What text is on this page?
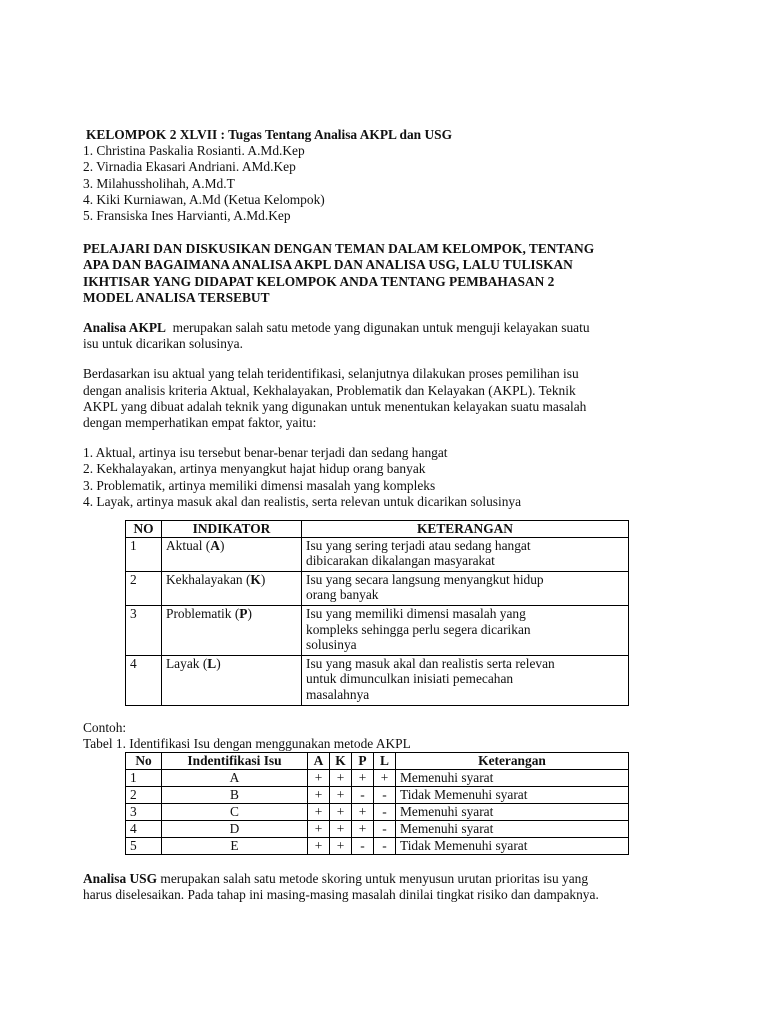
KELOMPOK 2 XLVII : Tugas Tentang Analisa AKPL dan USG
1. Christina Paskalia Rosianti. A.Md.Kep
2. Virnadia Ekasari Andriani. AMd.Kep
3. Milahussholihah, A.Md.T
4. Kiki Kurniawan, A.Md (Ketua Kelompok)
5. Fransiska Ines Harvianti, A.Md.Kep
PELAJARI DAN DISKUSIKAN DENGAN TEMAN DALAM KELOMPOK, TENTANG
APA DAN BAGAIMANA ANALISA AKPL DAN ANALISA USG, LALU TULISKAN
IKHTISAR YANG DIDAPAT KELOMPOK ANDA TENTANG PEMBAHASAN 2
MODEL ANALISA TERSEBUT
Analisa AKPL merupakan salah satu metode yang digunakan untuk menguji kelayakan suatu
isu untuk dicarikan solusinya.
Berdasarkan isu aktual yang telah teridentifikasi, selanjutnya dilakukan proses pemilihan isu
dengan analisis kriteria Aktual, Kekhalayakan, Problematik dan Kelayakan (AKPL). Teknik
AKPL yang dibuat adalah teknik yang digunakan untuk menentukan kelayakan suatu masalah
dengan memperhatikan empat faktor, yaitu:
1. Aktual, artinya isu tersebut benar-benar terjadi dan sedang hangat
2. Kekhalayakan, artinya menyangkut hajat hidup orang banyak
3. Problematik, artinya memiliki dimensi masalah yang kompleks
4. Layak, artinya masuk akal dan realistis, serta relevan untuk dicarikan solusinya
NO	INDIKATOR	KETERANGAN
1	Aktual (A)	Isu yang sering terjadi atau sedang hangat
dibicarakan dikalangan masyarakat

2	Kekhalayakan (K)	Isu yang secara langsung menyangkut hidup
orang banyak

3	Problematik (P)	Isu yang memiliki dimensi masalah yang
kompleks sehingga perlu segera dicarikan
solusinya

4	Layak (L)	Isu yang masuk akal dan realistis serta relevan
untuk dimunculkan inisiati pemecahan
masalahnya
Contoh:
Tabel 1. Identifikasi Isu dengan menggunakan metode AKPL
No	Indentifikasi Isu	A	K	P	L	Keterangan
1	A	+	+	+	+	Memenuhi syarat
2	B	+	+	-	-	Tidak Memenuhi syarat
3	C	+	+	+	-	Memenuhi syarat
4	D	+	+	+	-	Memenuhi syarat
5	E	+	+	-	-	Tidak Memenuhi syarat
Analisa USG merupakan salah satu metode skoring untuk menyusun urutan prioritas isu yang
harus diselesaikan. Pada tahap ini masing-masing masalah dinilai tingkat risiko dan dampaknya.
